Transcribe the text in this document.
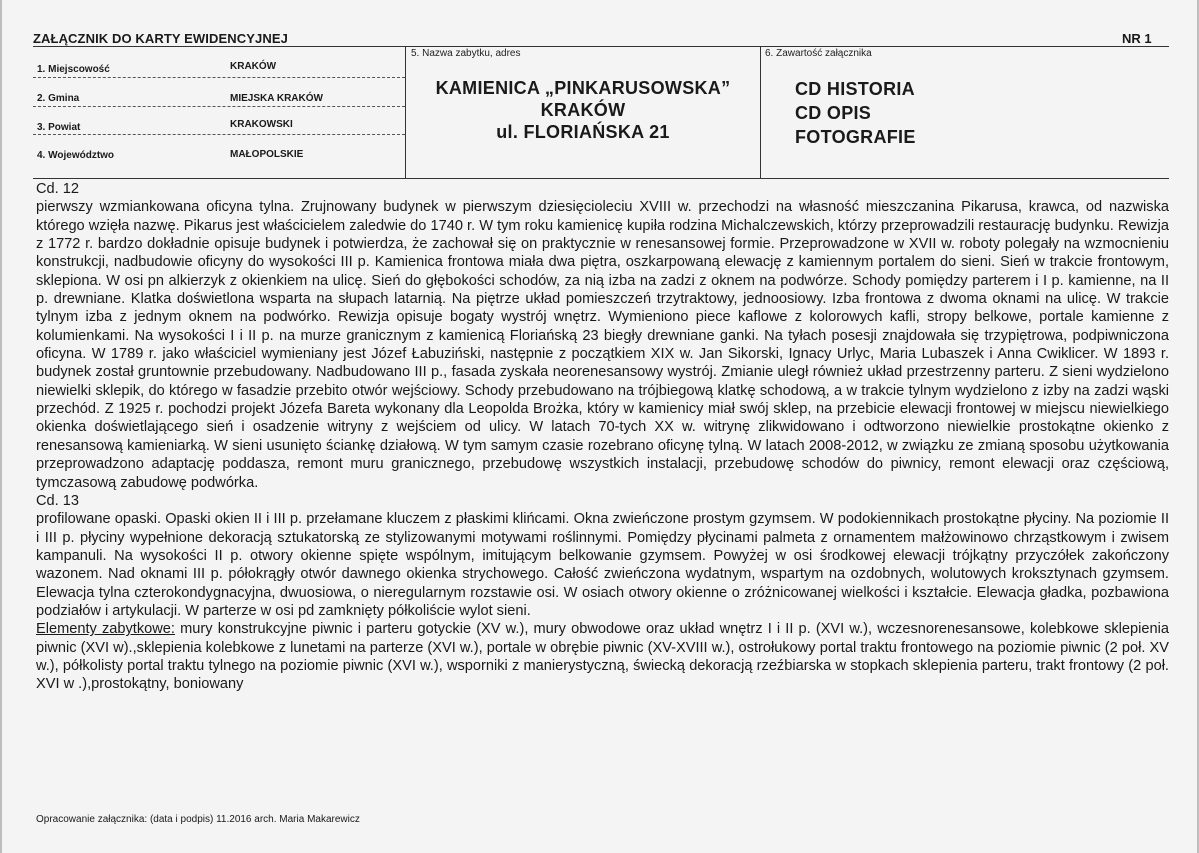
ZAŁĄCZNIK DO KARTY EWIDENCYJNEJ	NR 1
1. Miejscowość	KRAKÓW
2. Gmina	MIEJSKA KRAKÓW
3. Powiat	KRAKOWSKI
4. Województwo	MAŁOPOLSKIE
5. Nazwa zabytku, adres
KAMIENICA „PINKARUSOWSKA”
KRAKÓW
ul. FLORIAŃSKA 21
6. Zawartość załącznika
CD HISTORIA
CD OPIS
FOTOGRAFIE

Cd. 12

pierwszy wzmiankowana oficyna tylna. Zrujnowany budynek w pierwszym dziesięcioleciu XVIII w. przechodzi na własność mieszczanina Pikarusa, krawca, od nazwiska którego wzięła nazwę. Pikarus jest właścicielem zaledwie do 1740 r. W tym roku kamienicę kupiła rodzina Michalczewskich, którzy przeprowadzili restaurację budynku. Rewizja z 1772 r. bardzo dokładnie opisuje budynek i potwierdza, że zachował się on praktycznie w renesansowej formie. Przeprowadzone w XVII w. roboty polegały na wzmocnieniu konstrukcji, nadbudowie oficyny do wysokości III p. Kamienica frontowa miała dwa piętra, oszkarpowaną elewację z kamiennym portalem do sieni. Sień w trakcie frontowym, sklepiona. W osi pn alkierzyk z okienkiem na ulicę. Sień do głębokości schodów, za nią izba na zadzi z oknem na podwórze. Schody pomiędzy parterem i I p. kamienne, na II p. drewniane. Klatka doświetlona wsparta na słupach latarnią. Na piętrze układ pomieszczeń trzytraktowy, jednoosiowy. Izba frontowa z dwoma oknami na ulicę. W trakcie tylnym izba z jednym oknem na podwórko. Rewizja opisuje bogaty wystrój wnętrz. Wymieniono piece kaflowe z kolorowych kafli, stropy belkowe, portale kamienne z kolumienkami. Na wysokości I i II p. na murze granicznym z kamienicą Floriańską 23 biegły drewniane ganki. Na tyłach posesji znajdowała się trzypiętrowa, podpiwniczona oficyna. W 1789 r. jako właściciel wymieniany jest Józef Łabuziński, następnie z początkiem XIX w. Jan Sikorski, Ignacy Urlyc, Maria Lubaszek i Anna Cwiklicer. W 1893 r. budynek został gruntownie przebudowany. Nadbudowano III p., fasada zyskała neorenesansowy wystrój. Zmianie uległ również układ przestrzenny parteru. Z sieni wydzielono niewielki sklepik, do którego w fasadzie przebito otwór wejściowy. Schody przebudowano na trójbiegową klatkę schodową, a w trakcie tylnym wydzielono z izby na zadzi wąski przechód. Z 1925 r. pochodzi projekt Józefa Bareta wykonany dla Leopolda Brożka, który w kamienicy miał swój sklep, na przebicie elewacji frontowej w miejscu niewielkiego okienka doświetlającego sień i osadzenie witryny z wejściem od ulicy. W latach 70-tych XX w. witrynę zlikwidowano i odtworzono niewielkie prostokątne okienko z renesansową kamieniarką. W sieni usunięto ściankę działową. W tym samym czasie rozebrano oficynę tylną. W latach 2008-2012, w związku ze zmianą sposobu użytkowania przeprowadzono adaptację poddasza, remont muru granicznego, przebudowę wszystkich instalacji, przebudowę schodów do piwnicy, remont elewacji oraz częściową, tymczasową zabudowę podwórka.

Cd. 13

profilowane opaski. Opaski okien II i III p. przełamane kluczem z płaskimi klińcami. Okna zwieńczone prostym gzymsem. W podokiennikach prostokątne płyciny. Na poziomie II i III p. płyciny wypełnione dekoracją sztukatorską ze stylizowanymi motywami roślinnymi. Pomiędzy płycinami palmeta z ornamentem małżowinowo chrząstkowym i zwisem kampanuli. Na wysokości II p. otwory okienne spięte wspólnym, imitującym belkowanie gzymsem. Powyżej w osi środkowej elewacji trójkątny przyczółek zakończony wazonem. Nad oknami III p. półokrągły otwór dawnego okienka strychowego. Całość zwieńczona wydatnym, wspartym na ozdobnych, wolutowych kroksztynach gzymsem. Elewacja tylna czterokondygnacyjna, dwuosiowa, o nieregularnym rozstawie osi. W osiach otwory okienne o zróżnicowanej wielkości i kształcie. Elewacja gładka, pozbawiona podziałów i artykulacji. W parterze w osi pd zamknięty półkoliście wylot sieni.

Elementy zabytkowe: mury konstrukcyjne piwnic i parteru gotyckie (XV w.), mury obwodowe oraz układ wnętrz I i II p. (XVI w.), wczesnorenesansowe, kolebkowe sklepienia piwnic (XVI w).,sklepienia kolebkowe z lunetami na parterze (XVI w.), portale w obrębie piwnic (XV-XVIII w.), ostrołukowy portal traktu frontowego na poziomie piwnic (2 poł. XV w.), półkolisty portal traktu tylnego na poziomie piwnic (XVI w.), wsporniki z manierystyczną, świecką dekoracją rzeźbiarska w stopkach sklepienia parteru, trakt frontowy (2 poł. XVI w .),prostokątny, boniowany

Opracowanie załącznika: (data i podpis) 11.2016 arch. Maria Makarewicz
